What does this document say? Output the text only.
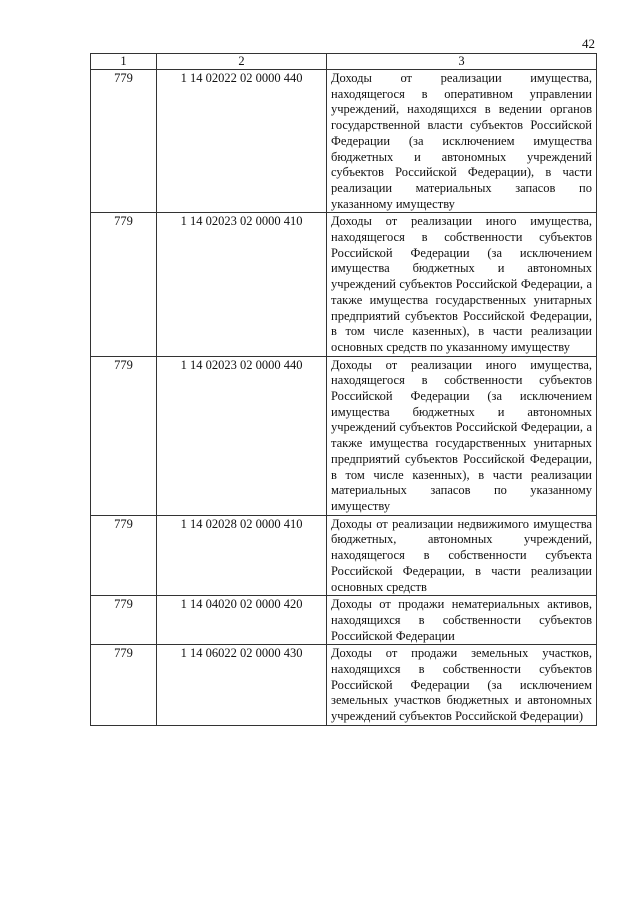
42
1	2	3
779	1 14 02022 02 0000 440	Доходы от реализации имущества, находящегося в оперативном управлении учреждений, находящихся в ведении органов государственной власти субъектов Российской Федерации (за исключением имущества бюджетных и автономных учреждений субъектов Российской Федерации), в части реализации материальных запасов по указанному имуществу
779	1 14 02023 02 0000 410	Доходы от реализации иного имущества, находящегося в собственности субъектов Российской Федерации (за исключением имущества бюджетных и автономных учреждений субъектов Российской Федерации, а также имущества государственных унитарных предприятий субъектов Российской Федерации, в том числе казенных), в части реализации основных средств по указанному имуществу
779	1 14 02023 02 0000 440	Доходы от реализации иного имущества, находящегося в собственности субъектов Российской Федерации (за исключением имущества бюджетных и автономных учреждений субъектов Российской Федерации, а также имущества государственных унитарных предприятий субъектов Российской Федерации, в том числе казенных), в части реализации материальных запасов по указанному имуществу
779	1 14 02028 02 0000 410	Доходы от реализации недвижимого имущества бюджетных, автономных учреждений, находящегося в собственности субъекта Российской Федерации, в части реализации основных средств
779	1 14 04020 02 0000 420	Доходы от продажи нематериальных активов, находящихся в собственности субъектов Российской Федерации
779	1 14 06022 02 0000 430	Доходы от продажи земельных участков, находящихся в собственности субъектов Российской Федерации (за исключением земельных участков бюджетных и автономных учреждений субъектов Российской Федерации)
